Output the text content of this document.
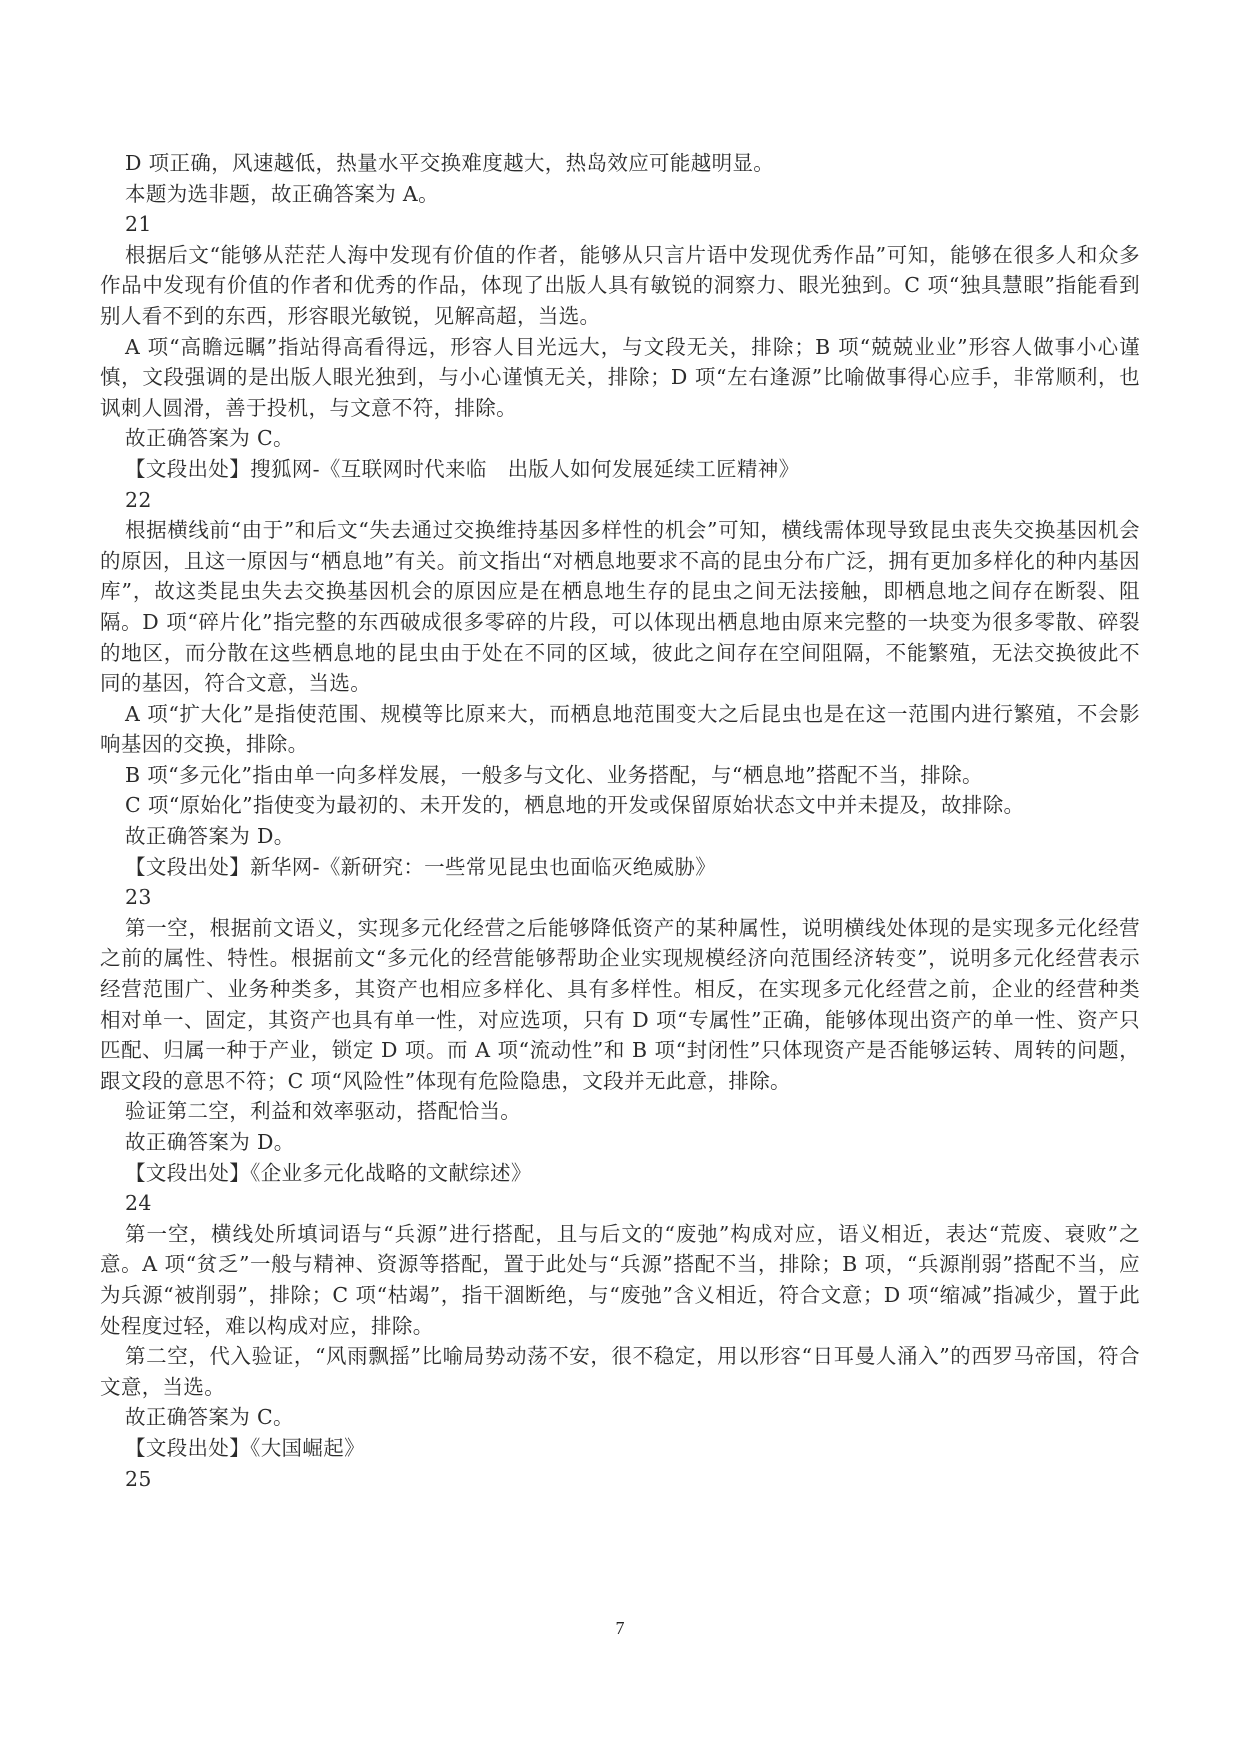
D 项正确，风速越低，热量水平交换难度越大，热岛效应可能越明显。

本题为选非题，故正确答案为 A。

21

根据后文“能够从茫茫人海中发现有价值的作者，能够从只言片语中发现优秀作品”可知，能够在很多人和众多作品中发现有价值的作者和优秀的作品，体现了出版人具有敏锐的洞察力、眼光独到。C 项“独具慧眼”指能看到别人看不到的东西，形容眼光敏锐，见解高超，当选。

A 项“高瞻远瞩”指站得高看得远，形容人目光远大，与文段无关，排除；B 项“兢兢业业”形容人做事小心谨慎，文段强调的是出版人眼光独到，与小心谨慎无关，排除；D 项“左右逢源”比喻做事得心应手，非常顺利，也讽刺人圆滑，善于投机，与文意不符，排除。

故正确答案为 C。

【文段出处】搜狐网-《互联网时代来临　出版人如何发展延续工匠精神》

22

根据横线前“由于”和后文“失去通过交换维持基因多样性的机会”可知，横线需体现导致昆虫丧失交换基因机会的原因，且这一原因与“栖息地”有关。前文指出“对栖息地要求不高的昆虫分布广泛，拥有更加多样化的种内基因库”，故这类昆虫失去交换基因机会的原因应是在栖息地生存的昆虫之间无法接触，即栖息地之间存在断裂、阻隔。D 项“碎片化”指完整的东西破成很多零碎的片段，可以体现出栖息地由原来完整的一块变为很多零散、碎裂的地区，而分散在这些栖息地的昆虫由于处在不同的区域，彼此之间存在空间阻隔，不能繁殖，无法交换彼此不同的基因，符合文意，当选。

A 项“扩大化”是指使范围、规模等比原来大，而栖息地范围变大之后昆虫也是在这一范围内进行繁殖，不会影响基因的交换，排除。

B 项“多元化”指由单一向多样发展，一般多与文化、业务搭配，与“栖息地”搭配不当，排除。

C 项“原始化”指使变为最初的、未开发的，栖息地的开发或保留原始状态文中并未提及，故排除。

故正确答案为 D。

【文段出处】新华网-《新研究：一些常见昆虫也面临灭绝威胁》

23

第一空，根据前文语义，实现多元化经营之后能够降低资产的某种属性，说明横线处体现的是实现多元化经营之前的属性、特性。根据前文“多元化的经营能够帮助企业实现规模经济向范围经济转变”，说明多元化经营表示经营范围广、业务种类多，其资产也相应多样化、具有多样性。相反，在实现多元化经营之前，企业的经营种类相对单一、固定，其资产也具有单一性，对应选项，只有 D 项“专属性”正确，能够体现出资产的单一性、资产只匹配、归属一种于产业，锁定 D 项。而 A 项“流动性”和 B 项“封闭性”只体现资产是否能够运转、周转的问题，跟文段的意思不符；C 项“风险性”体现有危险隐患，文段并无此意，排除。

验证第二空，利益和效率驱动，搭配恰当。

故正确答案为 D。

【文段出处】《企业多元化战略的文献综述》

24

第一空，横线处所填词语与“兵源”进行搭配，且与后文的“废弛”构成对应，语义相近，表达“荒废、衰败”之意。A 项“贫乏”一般与精神、资源等搭配，置于此处与“兵源”搭配不当，排除；B 项，“兵源削弱”搭配不当，应为兵源“被削弱”，排除；C 项“枯竭”，指干涸断绝，与“废弛”含义相近，符合文意；D 项“缩减”指减少，置于此处程度过轻，难以构成对应，排除。

第二空，代入验证，“风雨飘摇”比喻局势动荡不安，很不稳定，用以形容“日耳曼人涌入”的西罗马帝国，符合文意，当选。

故正确答案为 C。

【文段出处】《大国崛起》

25

7
